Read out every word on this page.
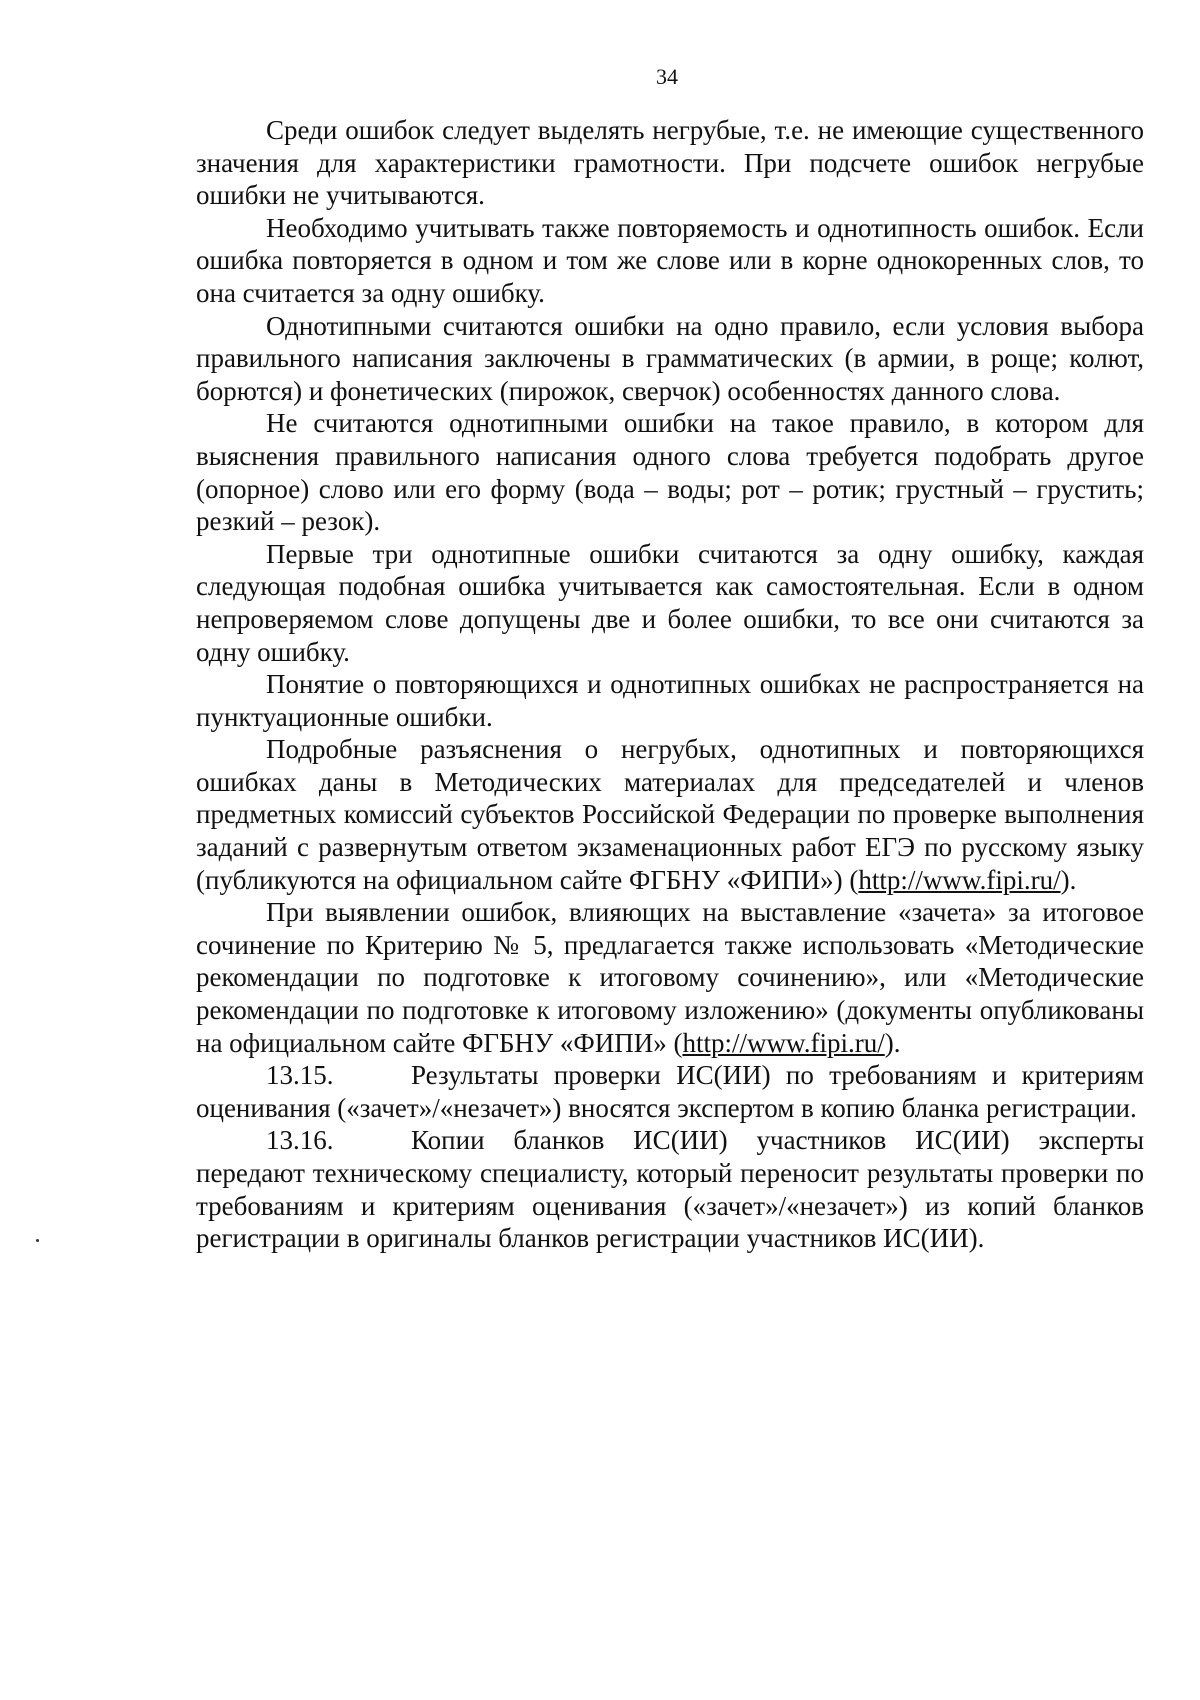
34

Среди ошибок следует выделять негрубые, т.е. не имеющие существенного значения для характеристики грамотности. При подсчете ошибок негрубые ошибки не учитываются.

Необходимо учитывать также повторяемость и однотипность ошибок. Если ошибка повторяется в одном и том же слове или в корне однокоренных слов, то она считается за одну ошибку.

Однотипными считаются ошибки на одно правило, если условия выбора правильного написания заключены в грамматических (в армии, в роще; колют, борются) и фонетических (пирожок, сверчок) особенностях данного слова.

Не считаются однотипными ошибки на такое правило, в котором для выяснения правильного написания одного слова требуется подобрать другое (опорное) слово или его форму (вода – воды; рот – ротик; грустный – грустить; резкий – резок).

Первые три однотипные ошибки считаются за одну ошибку, каждая следующая подобная ошибка учитывается как самостоятельная. Если в одном непроверяемом слове допущены две и более ошибки, то все они считаются за одну ошибку.

Понятие о повторяющихся и однотипных ошибках не распространяется на пунктуационные ошибки.

Подробные разъяснения о негрубых, однотипных и повторяющихся ошибках даны в Методических материалах для председателей и членов предметных комиссий субъектов Российской Федерации по проверке выполнения заданий с развернутым ответом экзаменационных работ ЕГЭ по русскому языку (публикуются на официальном сайте ФГБНУ «ФИПИ») (http://www.fipi.ru/).

При выявлении ошибок, влияющих на выставление «зачета» за итоговое сочинение по Критерию № 5, предлагается также использовать «Методические рекомендации по подготовке к итоговому сочинению», или «Методические рекомендации по подготовке к итоговому изложению» (документы опубликованы на официальном сайте ФГБНУ «ФИПИ» (http://www.fipi.ru/).

13.15.	Результаты проверки ИС(ИИ) по требованиям и критериям оценивания («зачет»/«незачет») вносятся экспертом в копию бланка регистрации.

13.16.	Копии бланков ИС(ИИ) участников ИС(ИИ) эксперты передают техническому специалисту, который переносит результаты проверки по требованиям и критериям оценивания («зачет»/«незачет») из копий бланков регистрации в оригиналы бланков регистрации участников ИС(ИИ).
